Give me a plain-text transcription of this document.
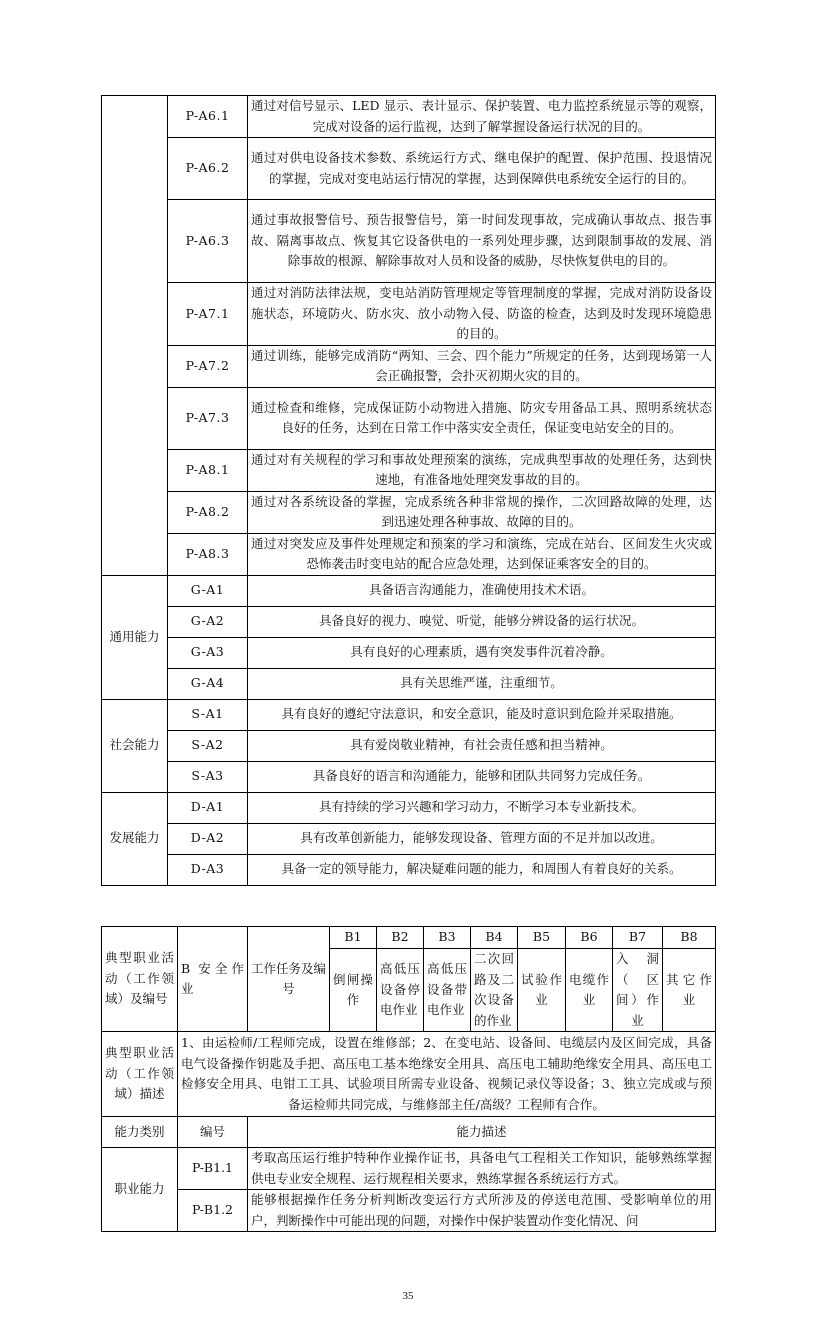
	P-A6.1	通过对信号显示、LED 显示、表计显示、保护装置、电力监控系统显示等的观察，完成对设备的运行监视，达到了解掌握设备运行状况的目的。
	P-A6.2	通过对供电设备技术参数、系统运行方式、继电保护的配置、保护范围、投退情况的掌握，完成对变电站运行情况的掌握，达到保障供电系统安全运行的目的。
	P-A6.3	通过事故报警信号、预告报警信号，第一时间发现事故，完成确认事故点、报告事故、隔离事故点、恢复其它设备供电的一系列处理步骤，达到限制事故的发展、消除事故的根源、解除事故对人员和设备的威胁，尽快恢复供电的目的。
	P-A7.1	通过对消防法律法规，变电站消防管理规定等管理制度的掌握，完成对消防设备设施状态，环境防火、防水灾、放小动物入侵、防盗的检查，达到及时发现环境隐患的目的。
	P-A7.2	通过训练，能够完成消防“两知、三会、四个能力”所规定的任务，达到现场第一人会正确报警，会扑灭初期火灾的目的。
	P-A7.3	通过检查和维修，完成保证防小动物进入措施、防灾专用备品工具、照明系统状态良好的任务，达到在日常工作中落实安全责任，保证变电站安全的目的。
	P-A8.1	通过对有关规程的学习和事故处理预案的演练，完成典型事故的处理任务，达到快速地，有准备地处理突发事故的目的。
	P-A8.2	通过对各系统设备的掌握，完成系统各种非常规的操作，二次回路故障的处理，达到迅速处理各种事故、故障的目的。
	P-A8.3	通过对突发应及事件处理规定和预案的学习和演练，完成在站台、区间发生火灾或恐怖袭击时变电站的配合应急处理，达到保证乘客安全的目的。
通用能力	G-A1	具备语言沟通能力，准确使用技术术语。
	G-A2	具备良好的视力、嗅觉、听觉，能够分辨设备的运行状况。
	G-A3	具有良好的心理素质，遇有突发事件沉着冷静。
	G-A4	具有关思维严谨，注重细节。
社会能力	S-A1	具有良好的遵纪守法意识，和安全意识，能及时意识到危险并采取措施。
	S-A2	具有爱岗敬业精神，有社会责任感和担当精神。
	S-A3	具备良好的语言和沟通能力，能够和团队共同努力完成任务。
发展能力	D-A1	具有持续的学习兴趣和学习动力，不断学习本专业新技术。
	D-A2	具有改革创新能力，能够发现设备、管理方面的不足并加以改进。
	D-A3	具备一定的领导能力，解决疑难问题的能力，和周围人有着良好的关系。
典型职业活动（工作领域）及编号	B 安全作业	工作任务及编号	B1	B2	B3	B4	B5	B6	B7	B8
			倒闸操作	高低压设备停电作业	高低压设备带电作业	二次回路及二次设备的作业	试验作业	电缆作业	入洞（区间）作业	其它作业
典型职业活动（工作领域）描述	1、由运检师/工程师完成，设置在维修部；2、在变电站、设备间、电缆层内及区间完成，具备电气设备操作钥匙及手把、高压电工基本绝缘安全用具、高压电工辅助绝缘安全用具、高压电工检修安全用具、电钳工工具、试验项目所需专业设备、视频记录仪等设备；3、独立完成或与预备运检师共同完成，与维修部主任/高级？工程师有合作。									
能力类别	编号	能力描述								
职业能力	P-B1.1	考取高压运行维护特种作业操作证书，具备电气工程相关工作知识，能够熟练掌握供电专业安全规程、运行规程相关要求，熟练掌握各系统运行方式。								
	P-B1.2	能够根据操作任务分析判断改变运行方式所涉及的停送电范围、受影响单位的用户，判断操作中可能出现的问题，对操作中保护装置动作变化情况、问								
35
